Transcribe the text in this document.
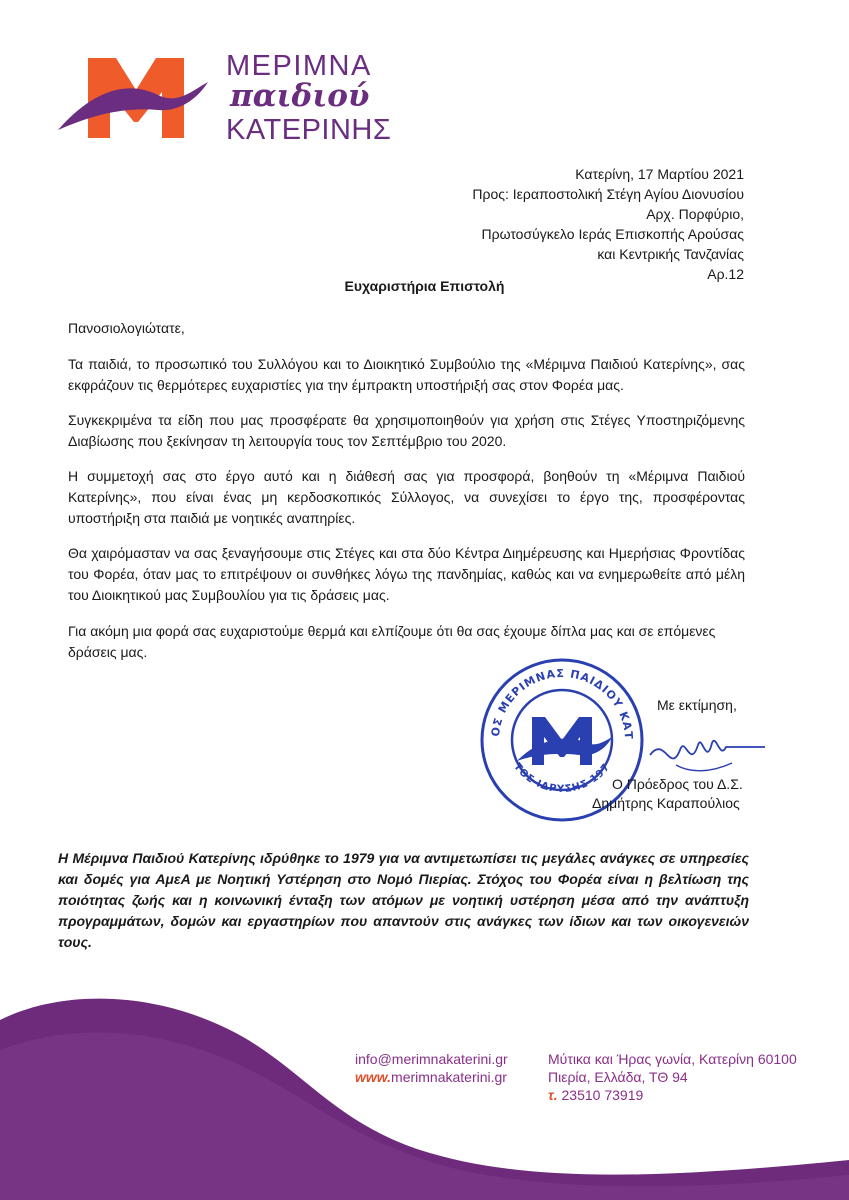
ΜΕΡΙΜΝΑ
παιδιού
ΚΑΤΕΡΙΝΗΣ
Κατερίνη, 17 Μαρτίου 2021
Προς: Ιεραποστολική Στέγη Αγίου Διονυσίου
Αρχ. Πορφύριο,
Πρωτοσύγκελο Ιεράς Επισκοπής Αρούσας
και Κεντρικής Τανζανίας
Αρ.12
Ευχαριστήρια Επιστολή
Πανοσιολογιώτατε,
Τα παιδιά, το προσωπικό του Συλλόγου και το Διοικητικό Συμβούλιο της «Μέριμνα Παιδιού Κατερίνης», σας εκφράζουν τις θερμότερες ευχαριστίες για την έμπρακτη υποστήριξή σας στον Φορέα μας.
Συγκεκριμένα τα είδη που μας προσφέρατε θα χρησιμοποιηθούν για χρήση στις Στέγες Υποστηριζόμενης Διαβίωσης που ξεκίνησαν τη λειτουργία τους τον Σεπτέμβριο του 2020.
Η συμμετοχή σας στο έργο αυτό και η διάθεσή σας για προσφορά, βοηθούν τη «Μέριμνα Παιδιού Κατερίνης», που είναι ένας μη κερδοσκοπικός Σύλλογος, να συνεχίσει το έργο της, προσφέροντας υποστήριξη στα παιδιά με νοητικές αναπηρίες.
Θα χαιρόμασταν να σας ξεναγήσουμε στις Στέγες και στα δύο Κέντρα Διημέρευσης και Ημερήσιας Φροντίδας του Φορέα, όταν μας το επιτρέψουν οι συνθήκες λόγω της πανδημίας, καθώς και να ενημερωθείτε από μέλη του Διοικητικού μας Συμβουλίου για τις δράσεις μας.
Για ακόμη μια φορά σας ευχαριστούμε θερμά και ελπίζουμε ότι θα σας έχουμε δίπλα μας και σε επόμενες δράσεις μας.
ΟΣ ΜΕΡΙΜΝΑΣ ΠΑΙΔΙΟΥ ΚΑΤ
ΤΟΣ ΙΔΡΥΣΗΣ 197
Με εκτίμηση,
Ο Πρόεδρος του Δ.Σ.
Δημήτρης Καραπούλιος
Η Μέριμνα Παιδιού Κατερίνης ιδρύθηκε το 1979 για να αντιμετωπίσει τις μεγάλες ανάγκες σε υπηρεσίες και δομές για ΑμεΑ με Νοητική Υστέρηση στο Νομό Πιερίας. Στόχος του Φορέα είναι η βελτίωση της ποιότητας ζωής και η κοινωνική ένταξη των ατόμων με νοητική υστέρηση μέσα από την ανάπτυξη προγραμμάτων, δομών και εργαστηρίων που απαντούν στις ανάγκες των ίδιων και των οικογενειών τους.
info@merimnakaterini.gr
www.merimnakaterini.gr
Μύτικα και Ήρας γωνία, Κατερίνη 60100
Πιερία, Ελλάδα, ΤΘ 94
τ. 23510 73919
